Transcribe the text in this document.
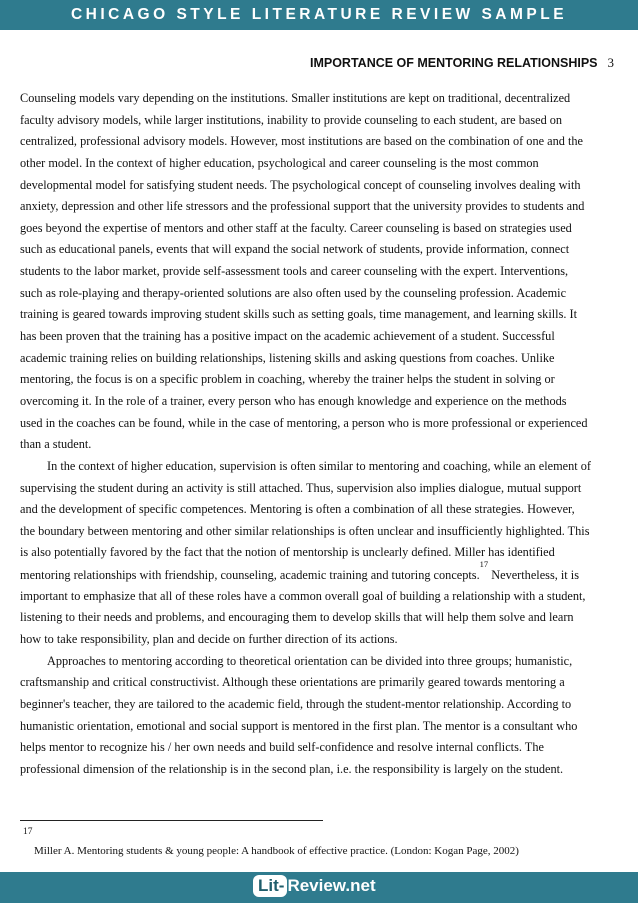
CHICAGO STYLE LITERATURE REVIEW SAMPLE
IMPORTANCE OF MENTORING RELATIONSHIPS 3
Counseling models vary depending on the institutions. Smaller institutions are kept on traditional, decentralized
faculty advisory models, while larger institutions, inability to provide counseling to each student, are based on
centralized, professional advisory models. However, most institutions are based on the combination of one and the
other model. In the context of higher education, psychological and career counseling is the most common
developmental model for satisfying student needs. The psychological concept of counseling involves dealing with
anxiety, depression and other life stressors and the professional support that the university provides to students and
goes beyond the expertise of mentors and other staff at the faculty. Career counseling is based on strategies used
such as educational panels, events that will expand the social network of students, provide information, connect
students to the labor market, provide self-assessment tools and career counseling with the expert. Interventions,
such as role-playing and therapy-oriented solutions are also often used by the counseling profession. Academic
training is geared towards improving student skills such as setting goals, time management, and learning skills. It
has been proven that the training has a positive impact on the academic achievement of a student. Successful
academic training relies on building relationships, listening skills and asking questions from coaches. Unlike
mentoring, the focus is on a specific problem in coaching, whereby the trainer helps the student in solving or
overcoming it. In the role of a trainer, every person who has enough knowledge and experience on the methods
used in the coaches can be found, while in the case of mentoring, a person who is more professional or experienced
than a student.
In the context of higher education, supervision is often similar to mentoring and coaching, while an element of
supervising the student during an activity is still attached. Thus, supervision also implies dialogue, mutual support
and the development of specific competences. Mentoring is often a combination of all these strategies. However,
the boundary between mentoring and other similar relationships is often unclear and insufficiently highlighted. This
is also potentially favored by the fact that the notion of mentorship is unclearly defined. Miller has identified
mentoring relationships with friendship, counseling, academic training and tutoring concepts.$^{17}$ Nevertheless, it is
important to emphasize that all of these roles have a common overall goal of building a relationship with a student,
listening to their needs and problems, and encouraging them to develop skills that will help them solve and learn
how to take responsibility, plan and decide on further direction of its actions.
Approaches to mentoring according to theoretical orientation can be divided into three groups; humanistic,
craftsmanship and critical constructivist. Although these orientations are primarily geared towards mentoring a
beginner's teacher, they are tailored to the academic field, through the student-mentor relationship. According to
humanistic orientation, emotional and social support is mentored in the first plan. The mentor is a consultant who
helps mentor to recognize his / her own needs and build self-confidence and resolve internal conflicts. The
professional dimension of the relationship is in the second plan, i.e. the responsibility is largely on the student.
17
Miller A. Mentoring students & young people: A handbook of effective practice. (London: Kogan Page, 2002)
Lit- Review.net
